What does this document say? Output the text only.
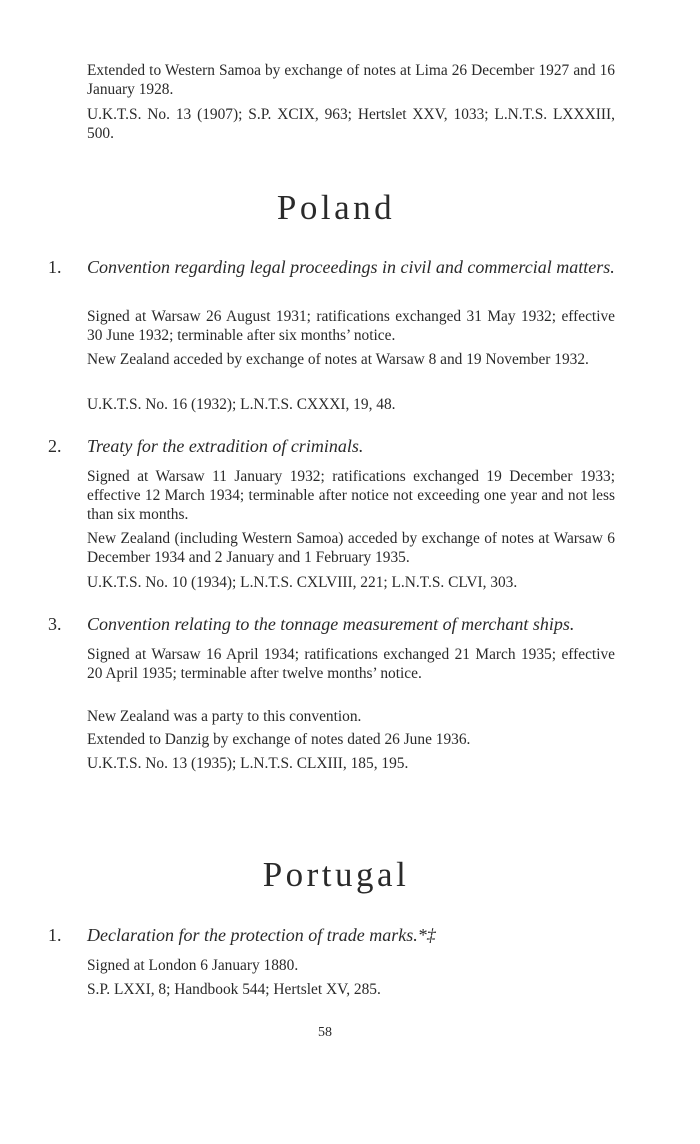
Extended to Western Samoa by exchange of notes at Lima 26 December 1927 and 16 January 1928.

U.K.T.S. No. 13 (1907); S.P. XCIX, 963; Hertslet XXV, 1033; L.N.T.S. LXXXIII, 500.

Poland

1. Convention regarding legal proceedings in civil and commercial matters.

Signed at Warsaw 26 August 1931; ratifications exchanged 31 May 1932; effective 30 June 1932; terminable after six months’ notice.

New Zealand acceded by exchange of notes at Warsaw 8 and 19 November 1932.

U.K.T.S. No. 16 (1932); L.N.T.S. CXXXI, 19, 48.

2. Treaty for the extradition of criminals.

Signed at Warsaw 11 January 1932; ratifications exchanged 19 December 1933; effective 12 March 1934; terminable after notice not exceeding one year and not less than six months.

New Zealand (including Western Samoa) acceded by exchange of notes at Warsaw 6 December 1934 and 2 January and 1 February 1935.

U.K.T.S. No. 10 (1934); L.N.T.S. CXLVIII, 221; L.N.T.S. CLVI, 303.

3. Convention relating to the tonnage measurement of merchant ships.

Signed at Warsaw 16 April 1934; ratifications exchanged 21 March 1935; effective 20 April 1935; terminable after twelve months’ notice.

New Zealand was a party to this convention.

Extended to Danzig by exchange of notes dated 26 June 1936.

U.K.T.S. No. 13 (1935); L.N.T.S. CLXIII, 185, 195.

Portugal

1. Declaration for the protection of trade marks.*‡

Signed at London 6 January 1880.

S.P. LXXI, 8; Handbook 544; Hertslet XV, 285.

58
